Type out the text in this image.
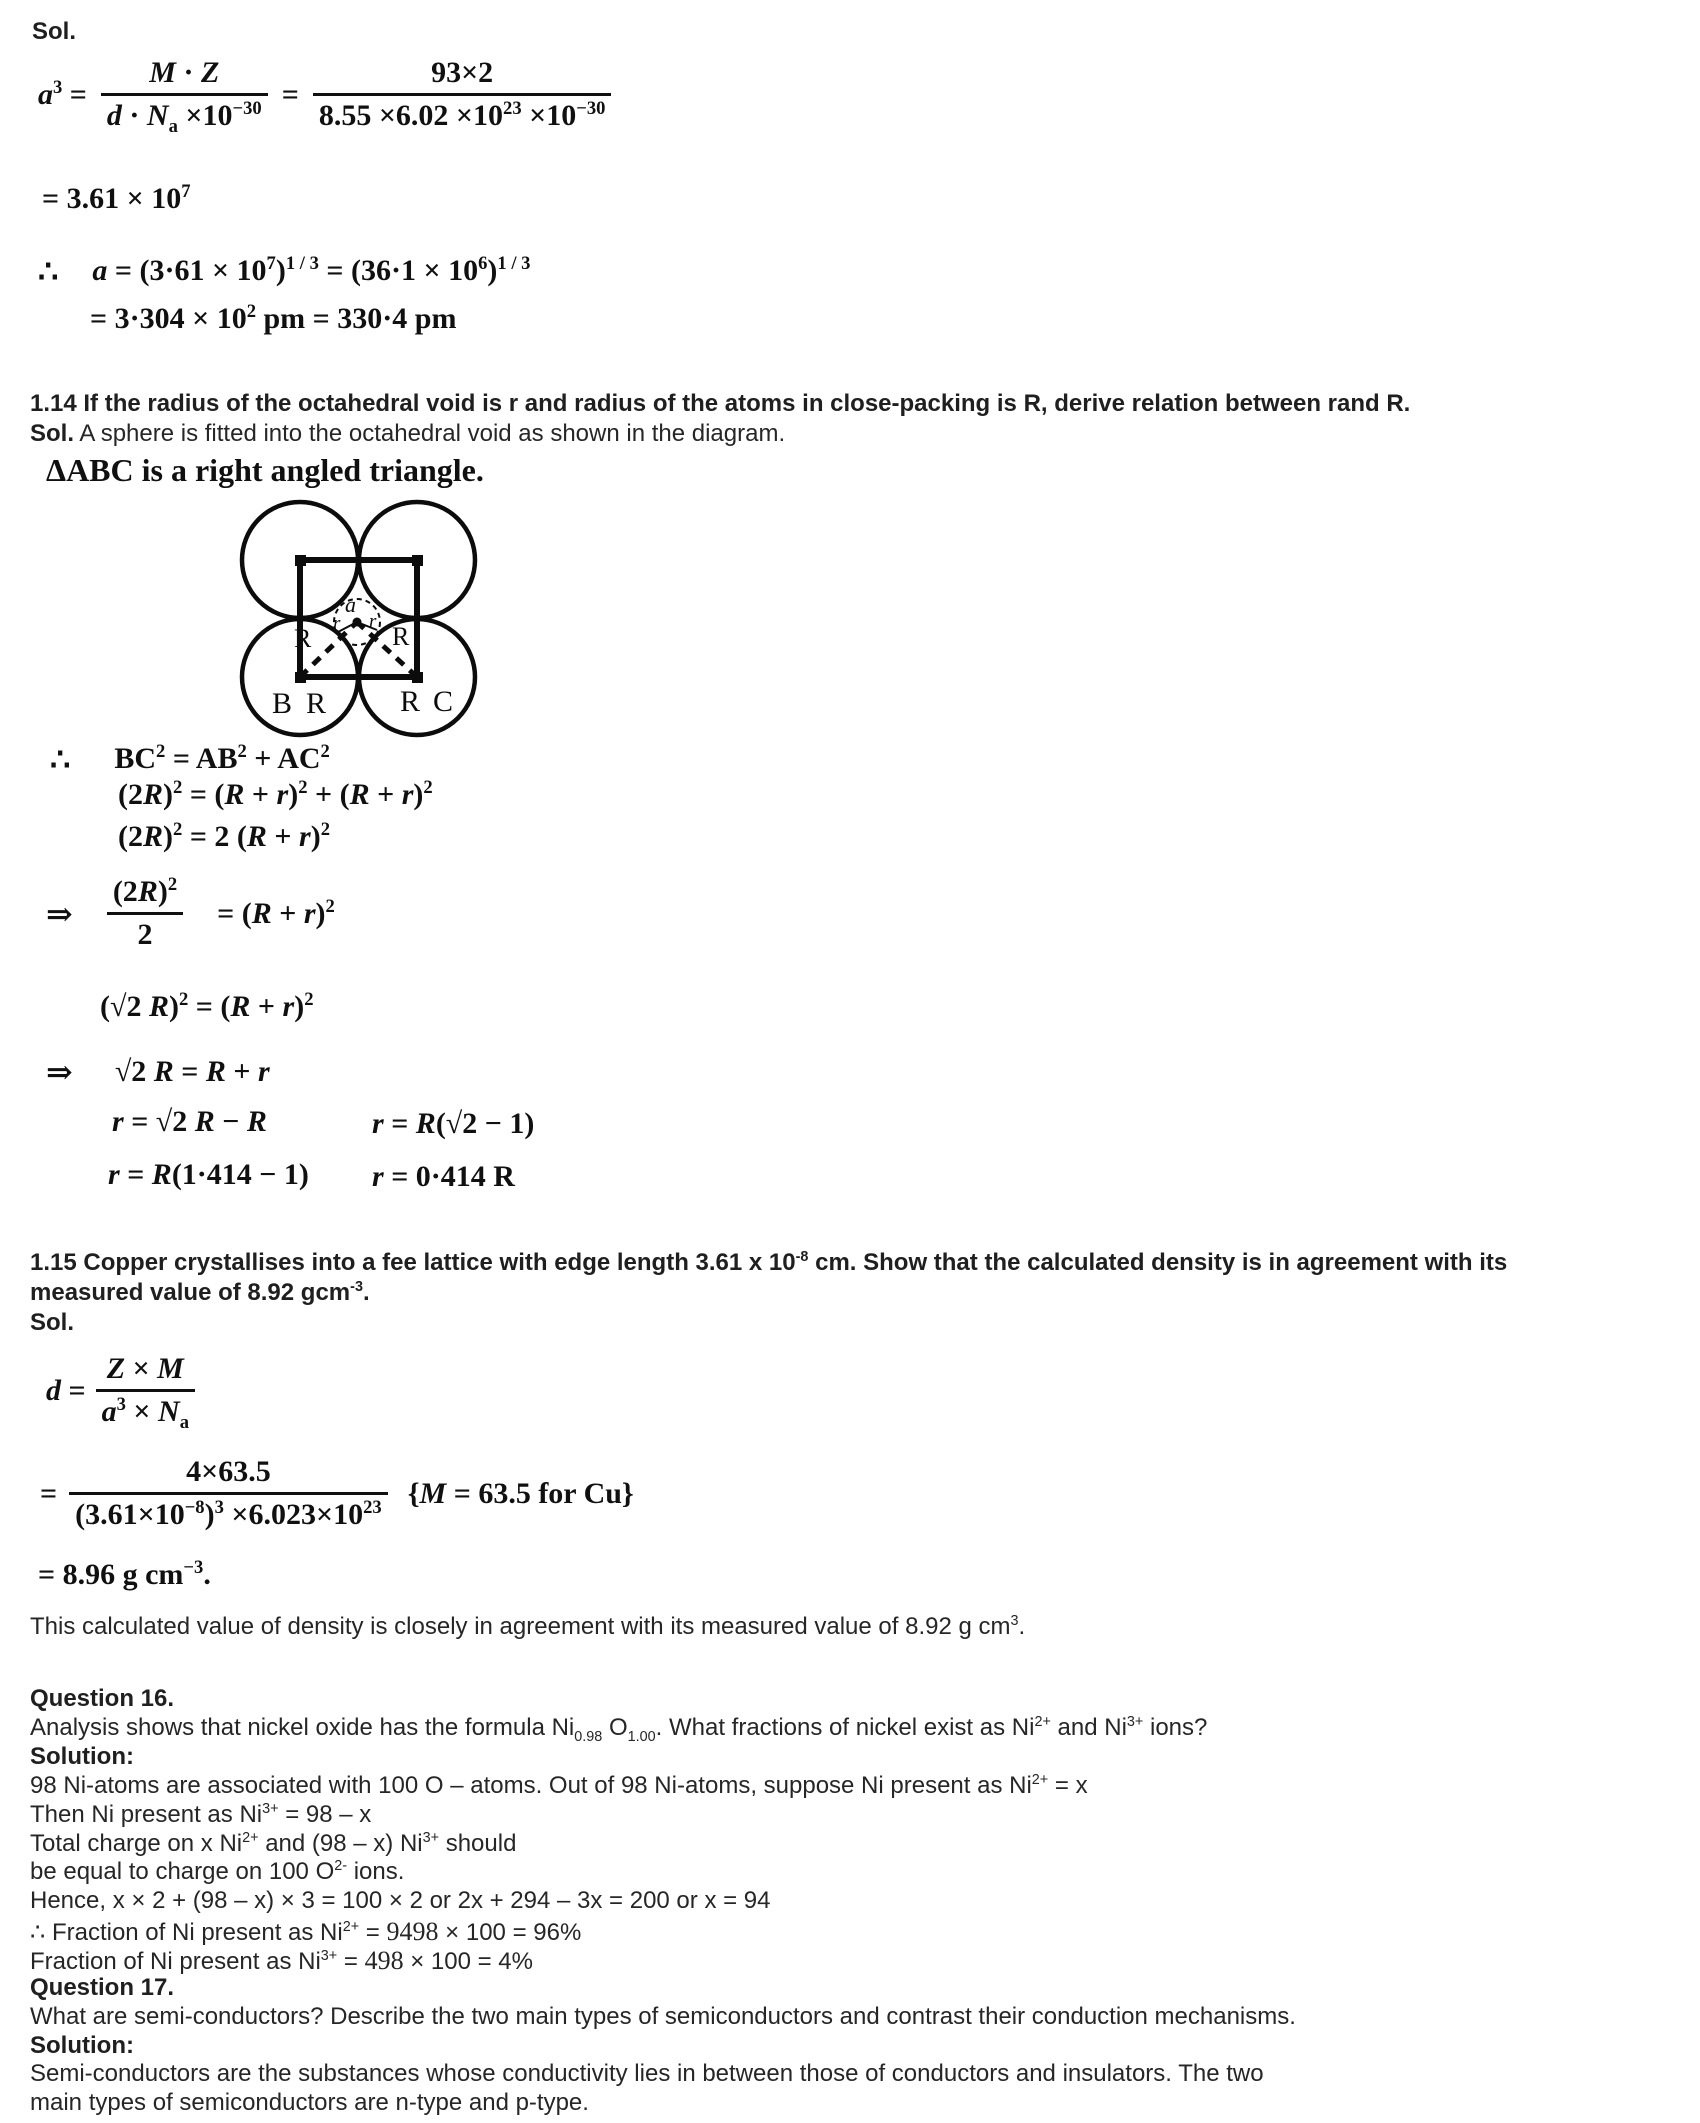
Sol.
$a^3 = \frac{M \cdot Z}{d \cdot N_a \times 10^{-30}} = \frac{93\times 2}{8.55 \times 6.02 \times 10^{23} \times 10^{-30}}$
= $3.61 \times 10^7$
∴ $a = (3\cdot 61 \times 10^7)^{1 / 3} = (36\cdot 1 \times 10^6)^{1 / 3}$
= $3\cdot 304 \times 10^2$ pm = 330·4 pm
1.14 If the radius of the octahedral void is r and radius of the atoms in close-packing is R, derive relation between rand R.
Sol. A sphere is fitted into the octahedral void as shown in the diagram.
ΔABC is a right angled triangle.
a
r r
R	R
B R R C
∴ $BC^2 = AB^2 + AC^2$
$(2R)^2 = (R + r)^2 + (R + r)^2$
$(2R)^2 = 2$ $(R + r)^2$
⇒ $\frac{(2R)^2}{2} = (R + r)^2$
(√2 $R)^2 = (R + r)^2$
⇒ √2 R = R + r
r = √2 R − R	r = R(√2 − 1)
r = R(1·414 − 1) r = 0·414 R
1.15 Copper crystallises into a fee lattice with edge length 3.61 x $10^{-8}$ cm. Show that the calculated density is in agreement with its
measured value of 8.92 gcm$^{-3}$.
Sol.
$d = \frac{Z \times M}{a^3 \times N_a}$
= $\frac{4\times 63.5}{(3.61\times 10^{-8})^3 \times 6.023\times 10^{23}} \{M = 63.5$ for Cu}
= 8.96 g $cm^{-3}$.
This calculated value of density is closely in agreement with its measured value of 8.92 g $cm^3$.
Question 16.
Analysis shows that nickel oxide has the formula $Ni_{0.98}$ $O_{1.00}$. What fractions of nickel exist as $Ni^{2+}$ and $Ni^{3+}$ ions?
Solution:
98 Ni-atoms are associated with 100 O – atoms. Out of 98 Ni-atoms, suppose Ni present as $Ni^{2+} = x$
Then Ni present as $Ni^{3+} = 98 - x$
Total charge on x $Ni^{2+}$ and (98 – x) $Ni^{3+}$ should
be equal to charge on 100 $O^{2-}$ ions.
Hence, x × 2 + (98 – x) × 3 = 100 × 2 or 2x + 294 – 3x = 200 or x = 94
∴ Fraction of Ni present as $Ni^{2+} = 9498 \times 100 = 96\%$
Fraction of Ni present as $Ni^{3+} = 498 \times 100 = 4\%$
Question 17.
What are semi-conductors? Describe the two main types of semiconductors and contrast their conduction mechanisms.
Solution:
Semi-conductors are the substances whose conductivity lies in between those of conductors and insulators. The two
main types of semiconductors are n-type and p-type.
